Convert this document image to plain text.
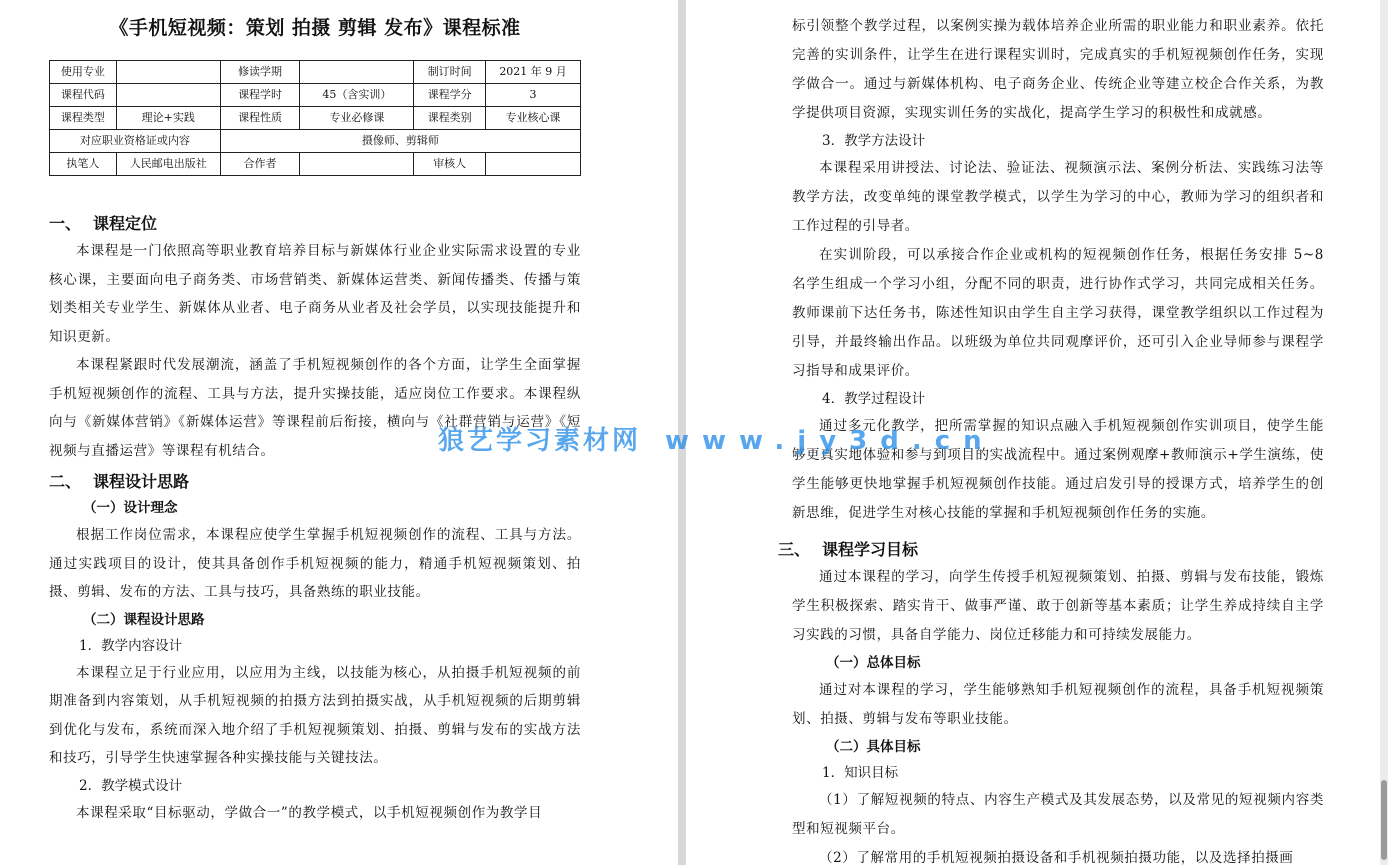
《手机短视频：策划 拍摄 剪辑 发布》课程标准
使用专业		修读学期		制订时间	2021 年 9 月
课程代码		课程学时	45（含实训）	课程学分	3
课程类型	理论+实践	课程性质	专业必修课	课程类别	专业核心课
对应职业资格证或内容		摄像师、剪辑师			
执笔人	人民邮电出版社	合作者		审核人	
一、 课程定位

本课程是一门依照高等职业教育培养目标与新媒体行业企业实际需求设置的专业核心课，主要面向电子商务类、市场营销类、新媒体运营类、新闻传播类、传播与策划类相关专业学生、新媒体从业者、电子商务从业者及社会学员，以实现技能提升和知识更新。

本课程紧跟时代发展潮流，涵盖了手机短视频创作的各个方面，让学生全面掌握手机短视频创作的流程、工具与方法，提升实操技能，适应岗位工作要求。本课程纵向与《新媒体营销》《新媒体运营》等课程前后衔接，横向与《社群营销与运营》《短视频与直播运营》等课程有机结合。

二、 课程设计思路
（一）设计理念

根据工作岗位需求，本课程应使学生掌握手机短视频创作的流程、工具与方法。通过实践项目的设计，使其具备创作手机短视频的能力，精通手机短视频策划、拍摄、剪辑、发布的方法、工具与技巧，具备熟练的职业技能。

（二）课程设计思路
1．教学内容设计

本课程立足于行业应用，以应用为主线，以技能为核心，从拍摄手机短视频的前期准备到内容策划，从手机短视频的拍摄方法到拍摄实战，从手机短视频的后期剪辑到优化与发布，系统而深入地介绍了手机短视频策划、拍摄、剪辑与发布的实战方法和技巧，引导学生快速掌握各种实操技能与关键技法。

2．教学模式设计

本课程采取“目标驱动，学做合一”的教学模式，以手机短视频创作为教学目

标引领整个教学过程，以案例实操为载体培养企业所需的职业能力和职业素养。依托完善的实训条件，让学生在进行课程实训时，完成真实的手机短视频创作任务，实现学做合一。通过与新媒体机构、电子商务企业、传统企业等建立校企合作关系，为教学提供项目资源，实现实训任务的实战化，提高学生学习的积极性和成就感。

3．教学方法设计

本课程采用讲授法、讨论法、验证法、视频演示法、案例分析法、实践练习法等教学方法，改变单纯的课堂教学模式，以学生为学习的中心，教师为学习的组织者和工作过程的引导者。

在实训阶段，可以承接合作企业或机构的短视频创作任务，根据任务安排 5~8 名学生组成一个学习小组，分配不同的职责，进行协作式学习，共同完成相关任务。教师课前下达任务书，陈述性知识由学生自主学习获得，课堂教学组织以工作过程为引导，并最终输出作品。以班级为单位共同观摩评价，还可引入企业导师参与课程学习指导和成果评价。

4．教学过程设计

通过多元化教学，把所需掌握的知识点融入手机短视频创作实训项目，使学生能够更真实地体验和参与到项目的实战流程中。通过案例观摩+教师演示+学生演练，使学生能够更快地掌握手机短视频创作技能。通过启发引导的授课方式，培养学生的创新思维，促进学生对核心技能的掌握和手机短视频创作任务的实施。

三、 课程学习目标

通过本课程的学习，向学生传授手机短视频策划、拍摄、剪辑与发布技能，锻炼学生积极探索、踏实肯干、做事严谨、敢于创新等基本素质；让学生养成持续自主学习实践的习惯，具备自学能力、岗位迁移能力和可持续发展能力。

（一）总体目标

通过对本课程的学习，学生能够熟知手机短视频创作的流程，具备手机短视频策划、拍摄、剪辑与发布等职业技能。

（二）具体目标
1．知识目标

（1）了解短视频的特点、内容生产模式及其发展态势，以及常见的短视频内容类型和短视频平台。

（2）了解常用的手机短视频拍摄设备和手机视频拍摄功能，以及选择拍摄画

狼艺学习素材网 www.jy3d.cn
